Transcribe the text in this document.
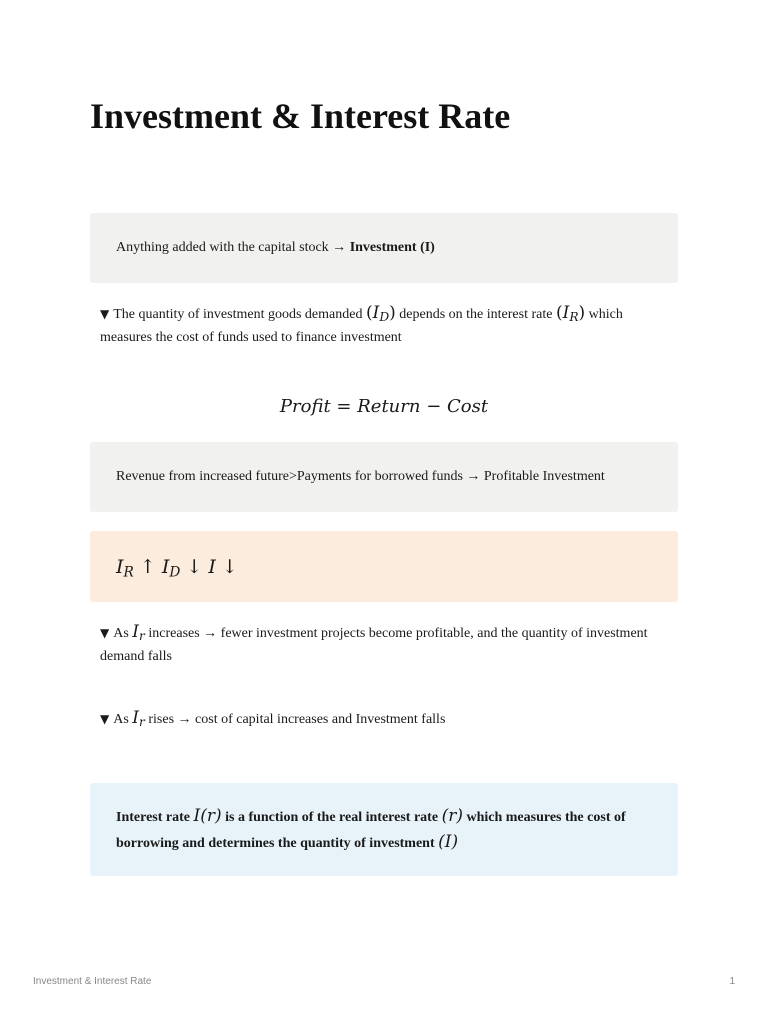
Investment & Interest Rate
Anything added with the capital stock → Investment (I)
▼ The quantity of investment goods demanded $(I_D)$ depends on the interest rate $(I_R)$ which measures the cost of funds used to finance investment
Profit = Return − Cost
Revenue from increased future>Payments for borrowed funds → Profitable Investment
$I_R$ ↑ $I_D$ ↓ I ↓
▼ As $I_r$ increases → fewer investment projects become profitable, and the quantity of investment demand falls
▼ As $I_r$ rises → cost of capital increases and Investment falls
Interest rate I(r) is a function of the real interest rate (r) which measures the cost of borrowing and determines the quantity of investment (I)
Investment & Interest Rate	1
